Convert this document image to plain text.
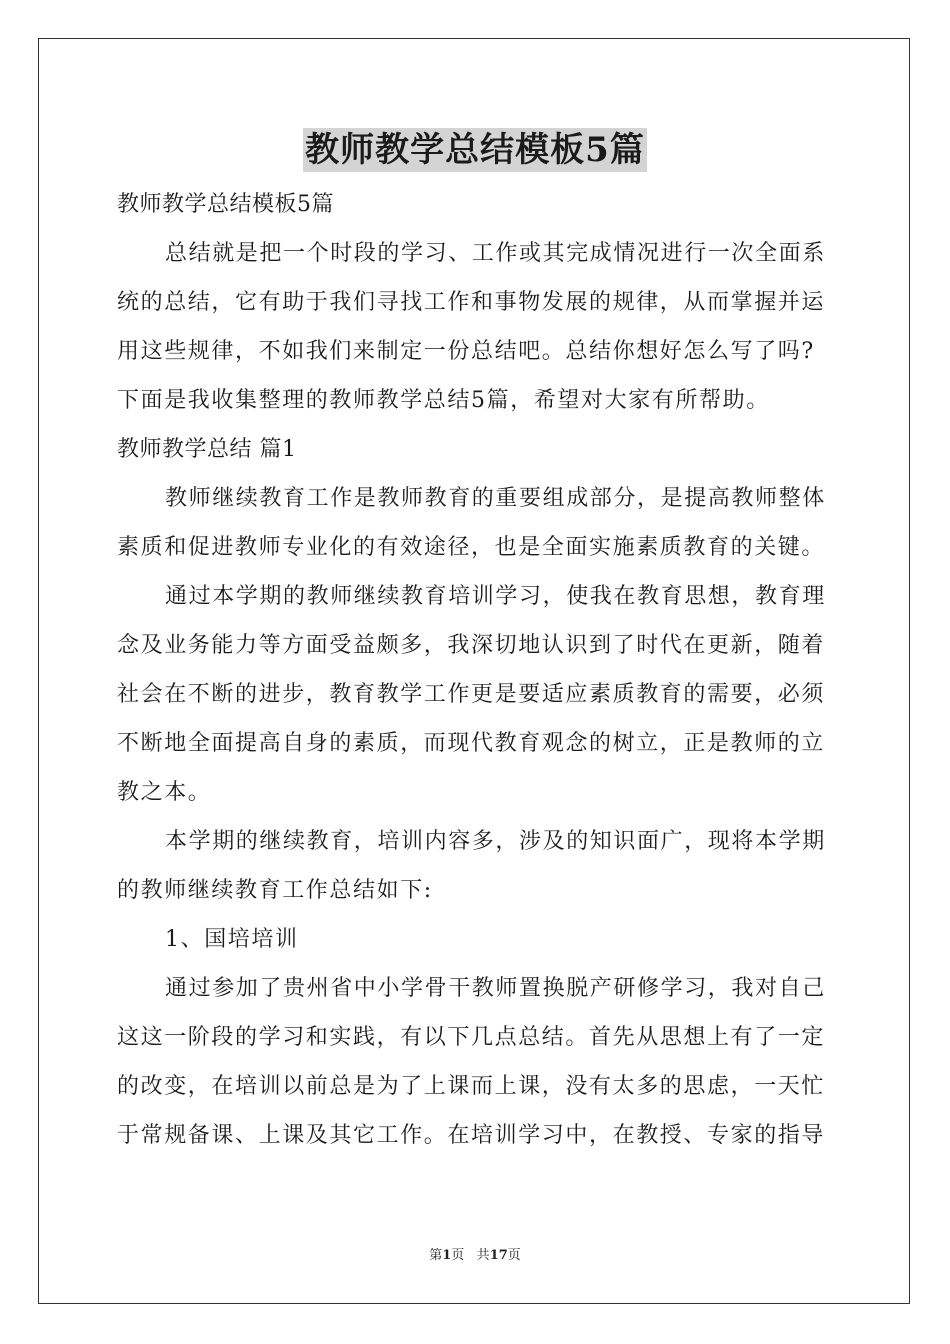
教师教学总结模板5篇
教师教学总结模板5篇
总结就是把一个时段的学习、工作或其完成情况进行一次全面系
统的总结，它有助于我们寻找工作和事物发展的规律，从而掌握并运
用这些规律，不如我们来制定一份总结吧。总结你想好怎么写了吗?
下面是我收集整理的教师教学总结5篇，希望对大家有所帮助。
教师教学总结 篇1
教师继续教育工作是教师教育的重要组成部分，是提高教师整体
素质和促进教师专业化的有效途径，也是全面实施素质教育的关键。
通过本学期的教师继续教育培训学习，使我在教育思想，教育理
念及业务能力等方面受益颇多，我深切地认识到了时代在更新，随着
社会在不断的进步，教育教学工作更是要适应素质教育的需要，必须
不断地全面提高自身的素质，而现代教育观念的树立，正是教师的立
教之本。
本学期的继续教育，培训内容多，涉及的知识面广，现将本学期
的教师继续教育工作总结如下:
1、国培培训
通过参加了贵州省中小学骨干教师置换脱产研修学习，我对自己
这这一阶段的学习和实践，有以下几点总结。首先从思想上有了一定
的改变，在培训以前总是为了上课而上课，没有太多的思虑，一天忙
于常规备课、上课及其它工作。在培训学习中，在教授、专家的指导
第1页 共17页
